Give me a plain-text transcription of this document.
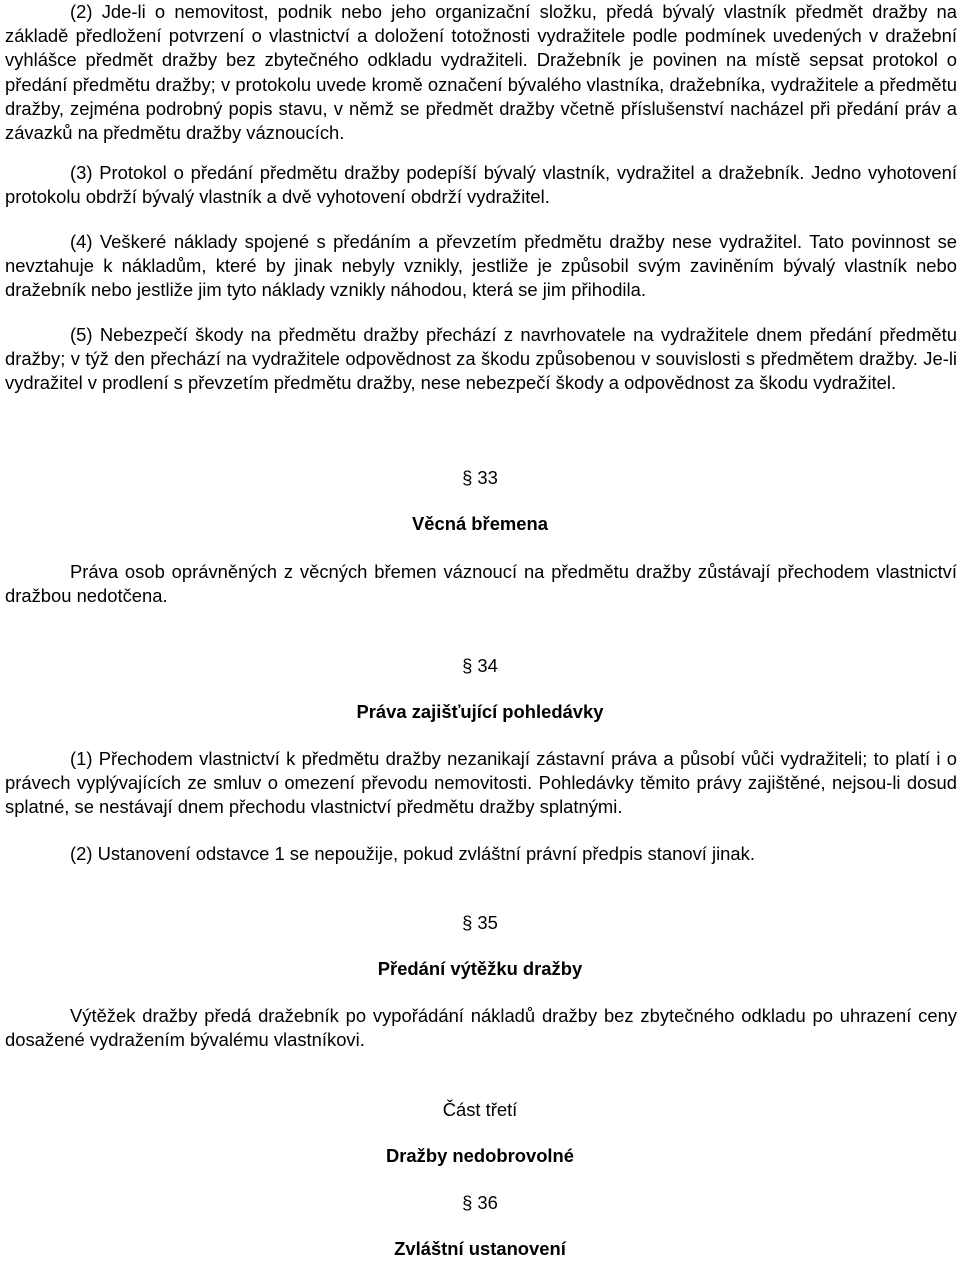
(2) Jde-li o nemovitost, podnik nebo jeho organizační složku, předá bývalý vlastník předmět dražby na základě předložení potvrzení o vlastnictví a doložení totožnosti vydražitele podle podmínek uvedených v dražební vyhlášce předmět dražby bez zbytečného odkladu vydražiteli. Dražebník je povinen na místě sepsat protokol o předání předmětu dražby; v protokolu uvede kromě označení bývalého vlastníka, dražebníka, vydražitele a předmětu dražby, zejména podrobný popis stavu, v němž se předmět dražby včetně příslušenství nacházel při předání práv a závazků na předmětu dražby váznoucích.

(3) Protokol o předání předmětu dražby podepíší bývalý vlastník, vydražitel a dražebník. Jedno vyhotovení protokolu obdrží bývalý vlastník a dvě vyhotovení obdrží vydražitel.

(4) Veškeré náklady spojené s předáním a převzetím předmětu dražby nese vydražitel. Tato povinnost se nevztahuje k nákladům, které by jinak nebyly vznikly, jestliže je způsobil svým zaviněním bývalý vlastník nebo dražebník nebo jestliže jim tyto náklady vznikly náhodou, která se jim přihodila.

(5) Nebezpečí škody na předmětu dražby přechází z navrhovatele na vydražitele dnem předání předmětu dražby; v týž den přechází na vydražitele odpovědnost za škodu způsobenou v souvislosti s předmětem dražby. Je-li vydražitel v prodlení s převzetím předmětu dražby, nese nebezpečí škody a odpovědnost za škodu vydražitel.

§ 33

Věcná břemena

Práva osob oprávněných z věcných břemen váznoucí na předmětu dražby zůstávají přechodem vlastnictví dražbou nedotčena.

§ 34

Práva zajišťující pohledávky

(1) Přechodem vlastnictví k předmětu dražby nezanikají zástavní práva a působí vůči vydražiteli; to platí i o právech vyplývajících ze smluv o omezení převodu nemovitosti. Pohledávky těmito právy zajištěné, nejsou-li dosud splatné, se nestávají dnem přechodu vlastnictví předmětu dražby splatnými.

(2) Ustanovení odstavce 1 se nepoužije, pokud zvláštní právní předpis stanoví jinak.

§ 35

Předání výtěžku dražby

Výtěžek dražby předá dražebník po vypořádání nákladů dražby bez zbytečného odkladu po uhrazení ceny dosažené vydražením bývalému vlastníkovi.

Část třetí

Dražby nedobrovolné

§ 36

Zvláštní ustanovení
